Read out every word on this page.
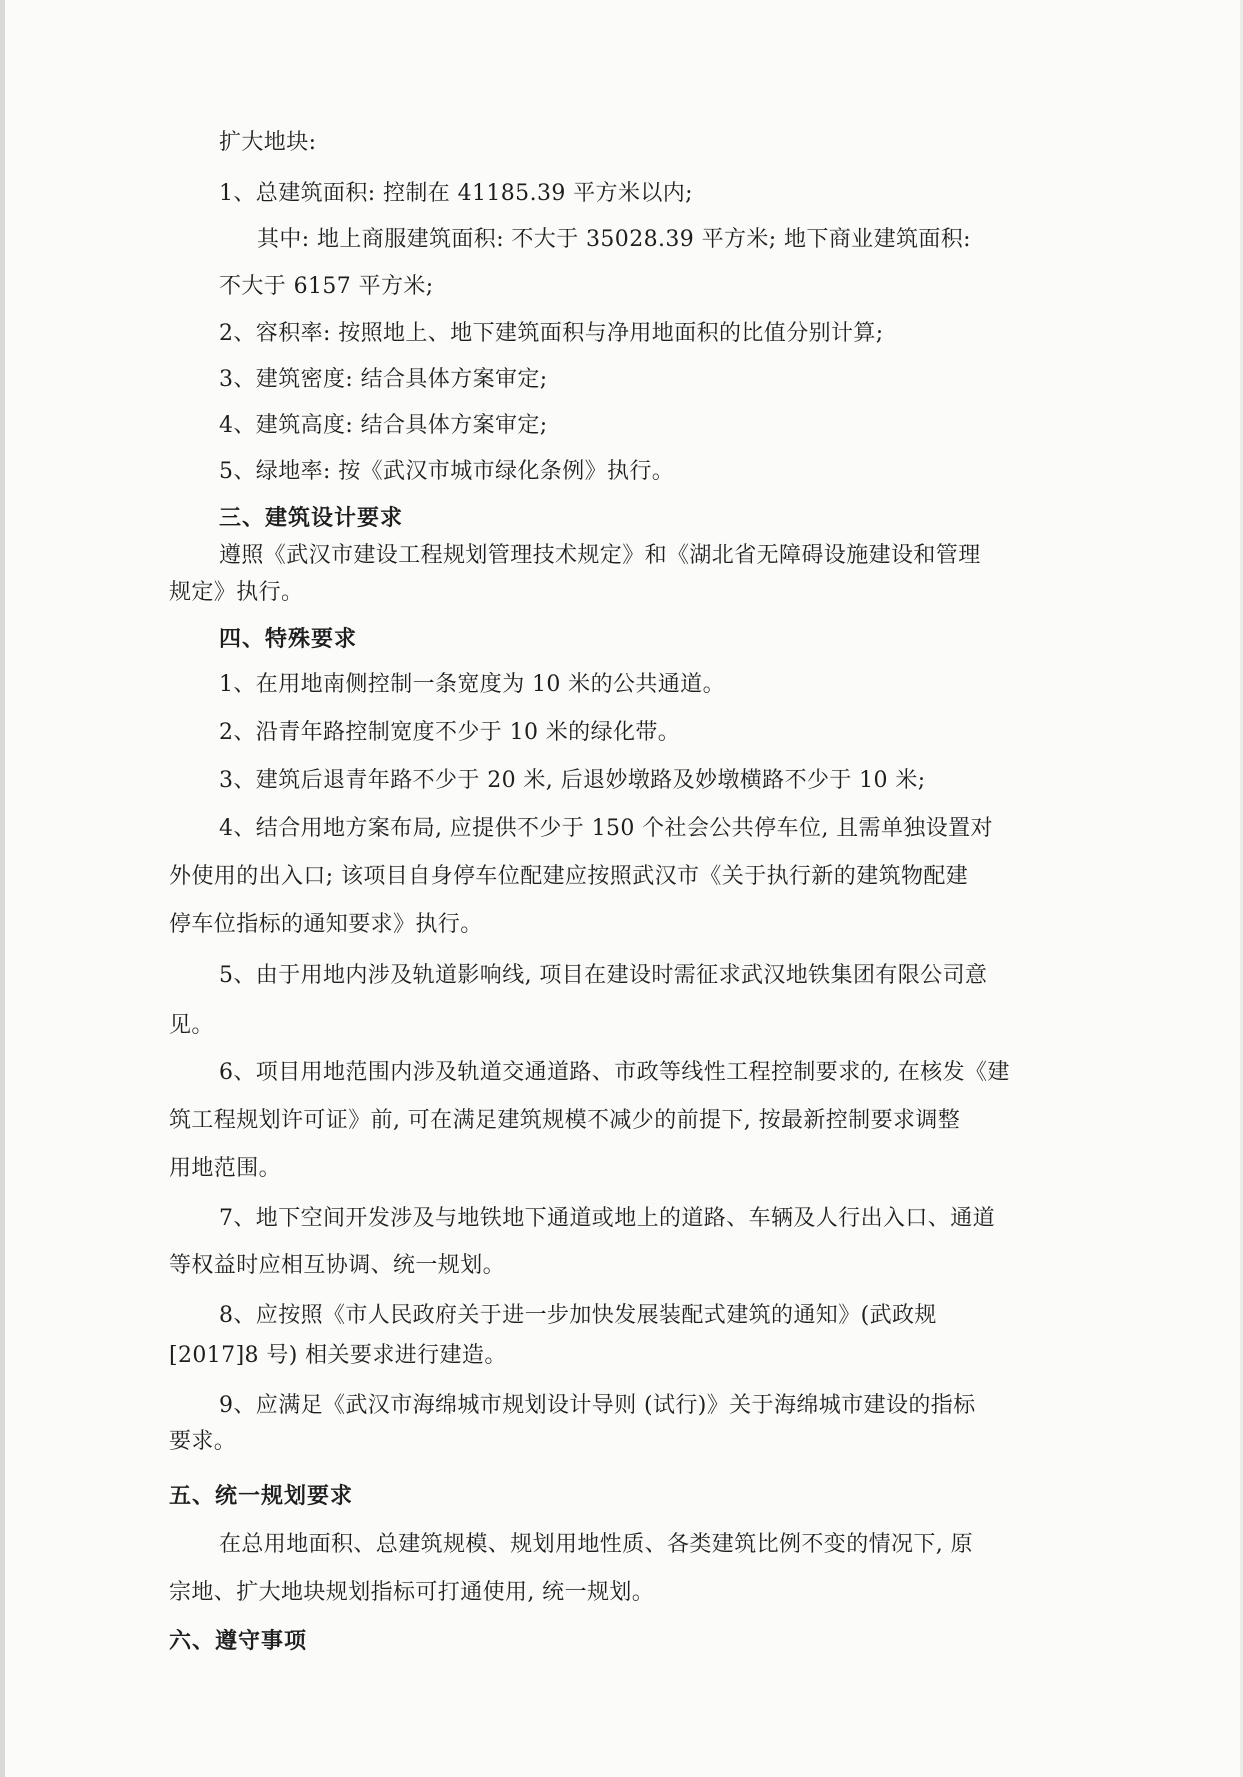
扩大地块:
1、总建筑面积: 控制在 41185.39 平方米以内;
其中: 地上商服建筑面积: 不大于 35028.39 平方米; 地下商业建筑面积:
不大于 6157 平方米;
2、容积率: 按照地上、地下建筑面积与净用地面积的比值分别计算;
3、建筑密度: 结合具体方案审定;
4、建筑高度: 结合具体方案审定;
5、绿地率: 按《武汉市城市绿化条例》执行。
三、建筑设计要求
遵照《武汉市建设工程规划管理技术规定》和《湖北省无障碍设施建设和管理
规定》执行。
四、特殊要求
1、在用地南侧控制一条宽度为 10 米的公共通道。
2、沿青年路控制宽度不少于 10 米的绿化带。
3、建筑后退青年路不少于 20 米, 后退妙墩路及妙墩横路不少于 10 米;
4、结合用地方案布局, 应提供不少于 150 个社会公共停车位, 且需单独设置对
外使用的出入口; 该项目自身停车位配建应按照武汉市《关于执行新的建筑物配建
停车位指标的通知要求》执行。
5、由于用地内涉及轨道影响线, 项目在建设时需征求武汉地铁集团有限公司意
见。
6、项目用地范围内涉及轨道交通道路、市政等线性工程控制要求的, 在核发《建
筑工程规划许可证》前, 可在满足建筑规模不减少的前提下, 按最新控制要求调整
用地范围。
7、地下空间开发涉及与地铁地下通道或地上的道路、车辆及人行出入口、通道
等权益时应相互协调、统一规划。
8、应按照《市人民政府关于进一步加快发展装配式建筑的通知》(武政规
[2017]8 号) 相关要求进行建造。
9、应满足《武汉市海绵城市规划设计导则 (试行)》关于海绵城市建设的指标
要求。
五、统一规划要求
在总用地面积、总建筑规模、规划用地性质、各类建筑比例不变的情况下, 原
宗地、扩大地块规划指标可打通使用, 统一规划。
六、遵守事项
